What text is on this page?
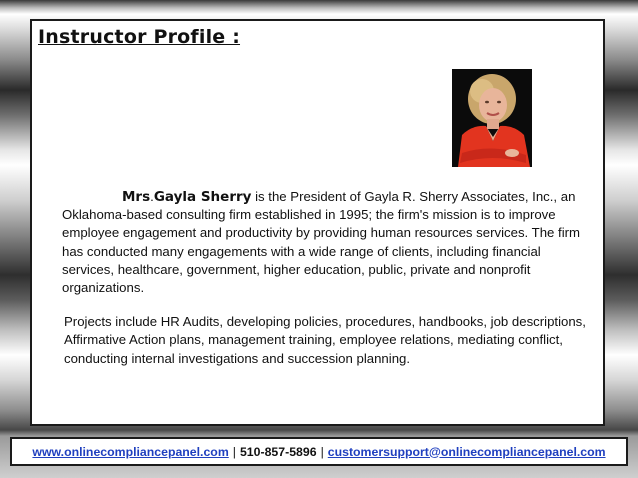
Instructor Profile :

Mrs.Gayla Sherry is the President of Gayla R. Sherry Associates, Inc., an Oklahoma-based consulting firm established in 1995; the firm's mission is to improve employee engagement and productivity by providing human resources services. The firm has conducted many engagements with a wide range of clients, including financial services, healthcare, government, higher education, public, private and nonprofit organizations.

Projects include HR Audits, developing policies, procedures, handbooks, job descriptions, Affirmative Action plans, management training, employee relations, mediating conflict, conducting internal investigations and succession planning.

www.onlinecompliancepanel.com | 510-857-5896 | customersupport@onlinecompliancepanel.com
